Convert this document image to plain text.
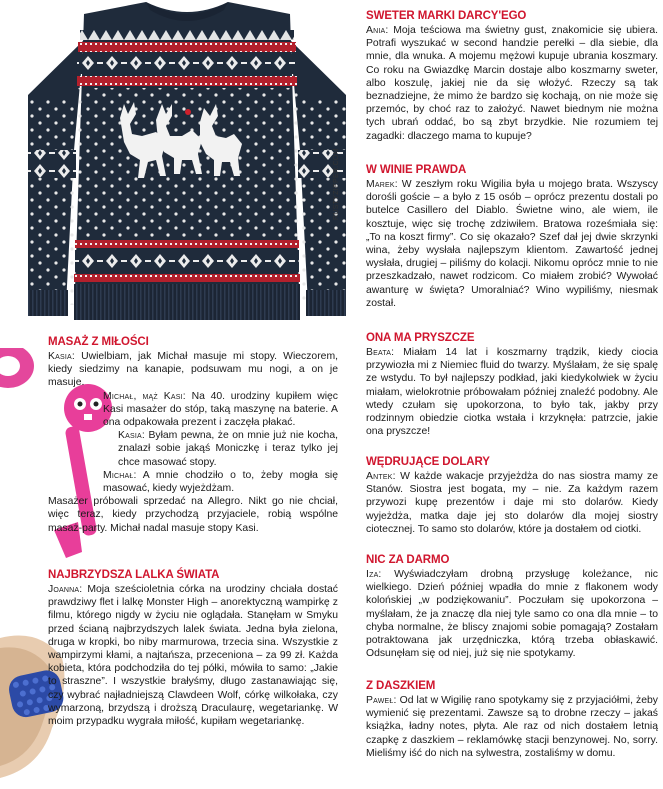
RUSTYZIPPER.COM
SWETER MARKI DARCY'EGO

Ania: Moja teściowa ma świetny gust, znakomicie się ubiera. Potrafi wyszukać w second handzie perełki – dla siebie, dla mnie, dla wnuka. A mojemu mężowi kupuje ubrania koszmary. Co roku na Gwiazdkę Marcin dostaje albo koszmarny sweter, albo koszulę, jakiej nie da się włożyć. Rzeczy są tak beznadziejne, że mimo że bardzo się kochają, on nie może się przemóc, by choć raz to założyć. Nawet biednym nie można tych ubrań oddać, bo są zbyt brzydkie. Nie rozumiem tej zagadki: dlaczego mama to kupuje?

W WINIE PRAWDA

Marek: W zeszłym roku Wigilia była u mojego brata. Wszyscy dorośli goście – a było z 15 osób – oprócz prezentu dostali po butelce Casillero del Diablo. Świetne wino, ale wiem, ile kosztuje, więc się trochę zdziwiłem. Bratowa roześmiała się: „To na koszt firmy”. Co się okazało? Szef dał jej dwie skrzynki wina, żeby wysłała najlepszym klientom. Zawartość jednej wysłała, drugiej – piliśmy do kolacji. Nikomu oprócz mnie to nie przeszkadzało, nawet rodzicom. Co miałem zrobić? Wywołać awanturę w święta? Umoralniać? Wino wypiliśmy, niesmak został.

ONA MA PRYSZCZE

Beata: Miałam 14 lat i koszmarny trądzik, kiedy ciocia przywiozła mi z Niemiec fluid do twarzy. Myślałam, że się spalę ze wstydu. To był najlepszy podkład, jaki kiedykolwiek w życiu miałam, wielokrotnie próbowałam później znaleźć podobny. Ale wtedy czułam się upokorzona, to było tak, jakby przy rodzinnym obiedzie ciotka wstała i krzyknęła: patrzcie, jakie ona pryszcze!

WĘDRUJĄCE DOLARY

Antek: W każde wakacje przyjeżdża do nas siostra mamy ze Stanów. Siostra jest bogata, my – nie. Za każdym razem przywozi kupę prezentów i daje mi sto dolarów. Kiedy wyjeżdża, matka daje jej sto dolarów dla mojej siostry ciotecznej. To samo sto dolarów, które ja dostałem od ciotki.

NIC ZA DARMO

Iza: Wyświadczyłam drobną przysługę koleżance, nic wielkiego. Dzień później wpadła do mnie z flakonem wody kolońskiej „w podziękowaniu”. Poczułam się upokorzona – myślałam, że ja znaczę dla niej tyle samo co ona dla mnie – to chyba normalne, że bliscy znajomi sobie pomagają? Zostałam potraktowana jak urzędniczka, którą trzeba obłaskawić. Odsunęłam się od niej, już się nie spotykamy.

Z DASZKIEM

Paweł: Od lat w Wigilię rano spotykamy się z przyjaciółmi, żeby wymienić się prezentami. Zawsze są to drobne rzeczy – jakaś książka, ładny notes, płyta. Ale raz od nich dostałem letnią czapkę z daszkiem – reklamówkę stacji benzynowej. No, sorry. Mieliśmy iść do nich na sylwestra, zostaliśmy w domu.

MASAŻ Z MIŁOŚCI

Kasia: Uwielbiam, jak Michał masuje mi stopy. Wieczorem, kiedy siedzimy na kanapie, podsuwam mu nogi, a on je masuje.

Michał, mąż Kasi: Na 40. urodziny kupiłem więc Kasi masażer do stóp, taką maszynę na baterie. A ona odpakowała prezent i zaczęła płakać.

Kasia: Byłam pewna, że on mnie już nie kocha, znalazł sobie jakąś Moniczkę i teraz tylko jej chce masować stopy.

Michał: A mnie chodziło o to, żeby mogła się masować, kiedy wyjeżdżam.

Masażer próbowali sprzedać na Allegro. Nikt go nie chciał, więc teraz, kiedy przychodzą przyjaciele, robią wspólne masaż-party. Michał nadal masuje stopy Kasi.

NAJBRZYDSZA LALKA ŚWIATA

Joanna: Moja sześcioletnia córka na urodziny chciała dostać prawdziwy flet i lalkę Monster High – anorektyczną wampirkę z filmu, którego nigdy w życiu nie oglądała. Stanęłam w Smyku przed ścianą najbrzydszych lalek świata. Jedna była zielona, druga w kropki, bo niby marmurowa, trzecia sina. Wszystkie z wampirzymi kłami, a najtańsza, przeceniona – za 99 zł. Każda kobieta, która podchodziła do tej półki, mówiła to samo: „Jakie to straszne”. I wszystkie brałyśmy, długo zastanawiając się, czy wybrać najładniejszą Clawdeen Wolf, córkę wilkołaka, czy wymarzoną, brzydszą i droższą Draculaurę, wegetariankę. W moim przypadku wygrała miłość, kupiłam wegetariankę.
